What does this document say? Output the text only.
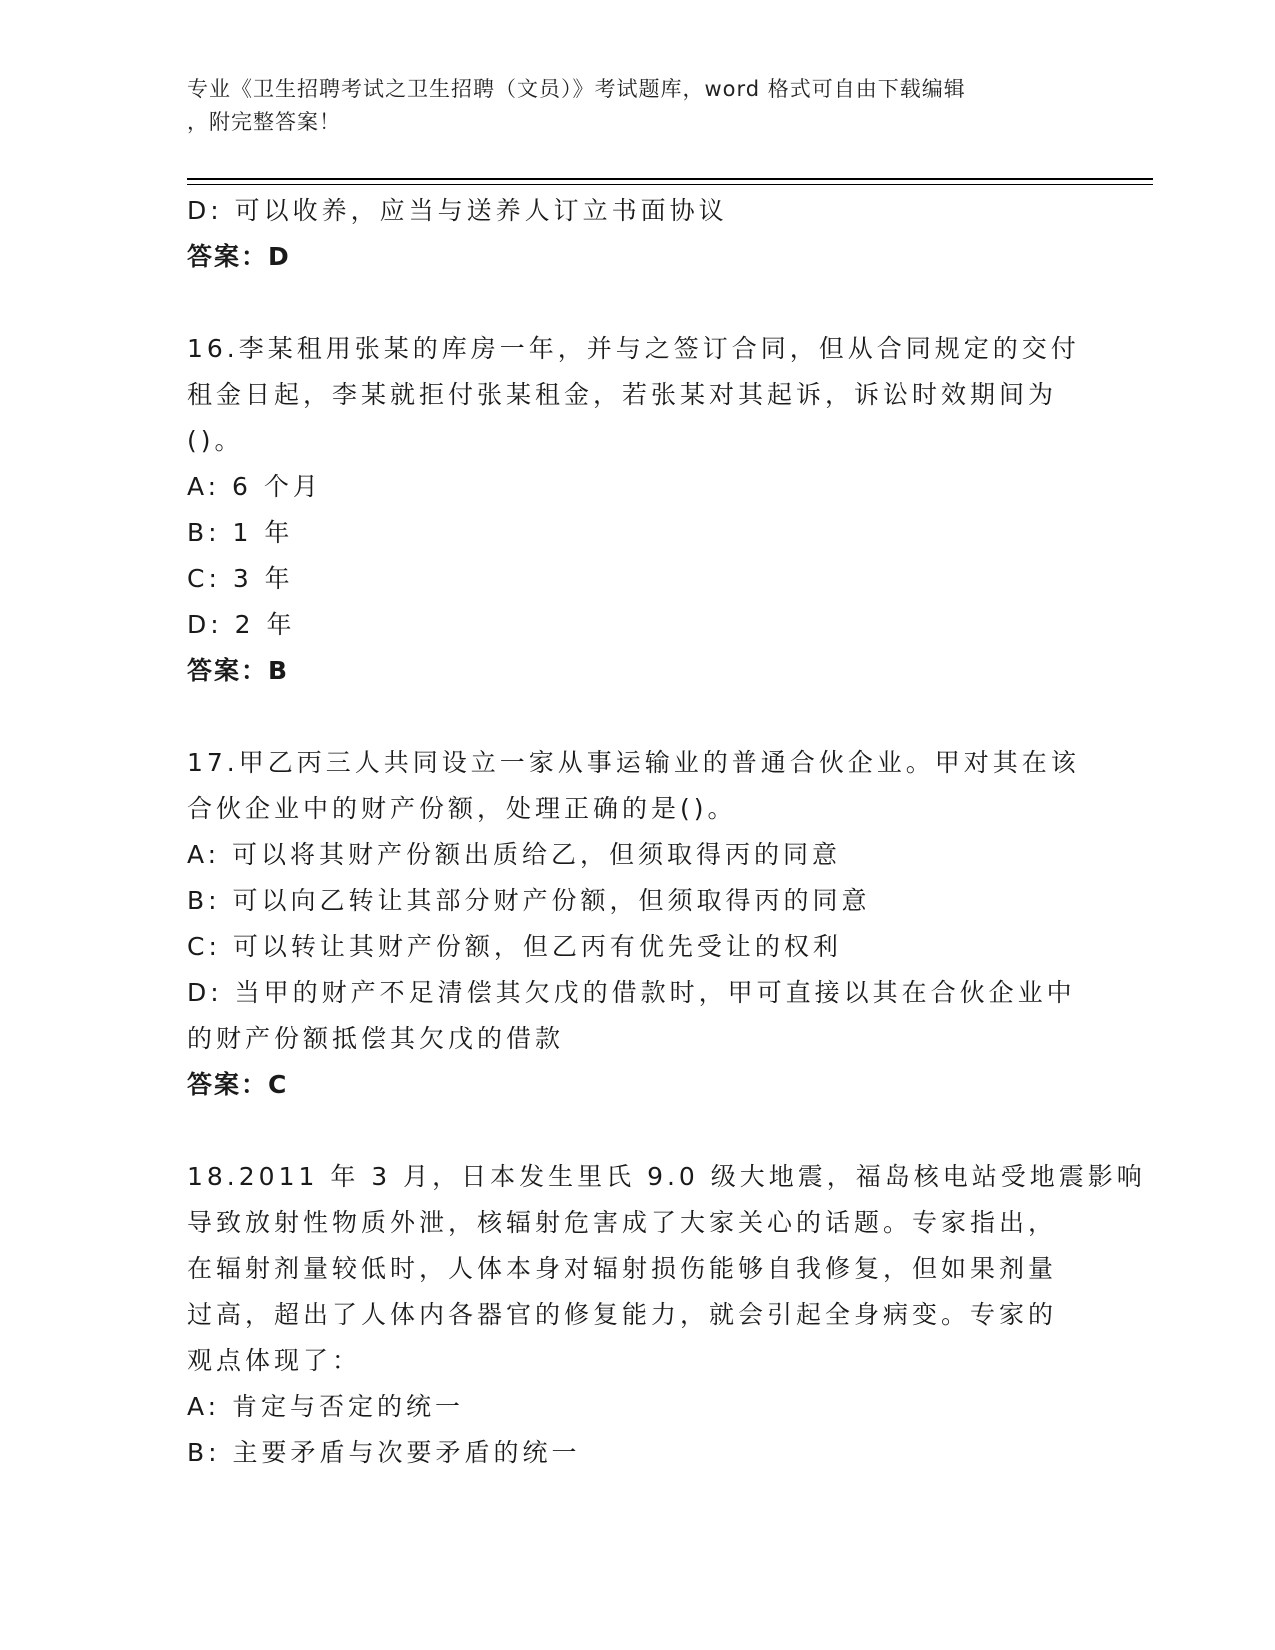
专业《卫生招聘考试之卫生招聘（文员）》考试题库，word 格式可自由下载编辑
，附完整答案！
D: 可以收养，应当与送养人订立书面协议
答案：D
16.李某租用张某的库房一年，并与之签订合同，但从合同规定的交付
租金日起，李某就拒付张某租金，若张某对其起诉，诉讼时效期间为
()。
A: 6 个月
B: 1 年
C: 3 年
D: 2 年
答案：B
17.甲乙丙三人共同设立一家从事运输业的普通合伙企业。甲对其在该
合伙企业中的财产份额，处理正确的是()。
A: 可以将其财产份额出质给乙，但须取得丙的同意
B: 可以向乙转让其部分财产份额，但须取得丙的同意
C: 可以转让其财产份额，但乙丙有优先受让的权利
D: 当甲的财产不足清偿其欠戊的借款时，甲可直接以其在合伙企业中
的财产份额抵偿其欠戊的借款
答案：C
18.2011 年 3 月，日本发生里氏 9.0 级大地震，福岛核电站受地震影响
导致放射性物质外泄，核辐射危害成了大家关心的话题。专家指出，
在辐射剂量较低时，人体本身对辐射损伤能够自我修复，但如果剂量
过高，超出了人体内各器官的修复能力，就会引起全身病变。专家的
观点体现了：
A: 肯定与否定的统一
B: 主要矛盾与次要矛盾的统一
